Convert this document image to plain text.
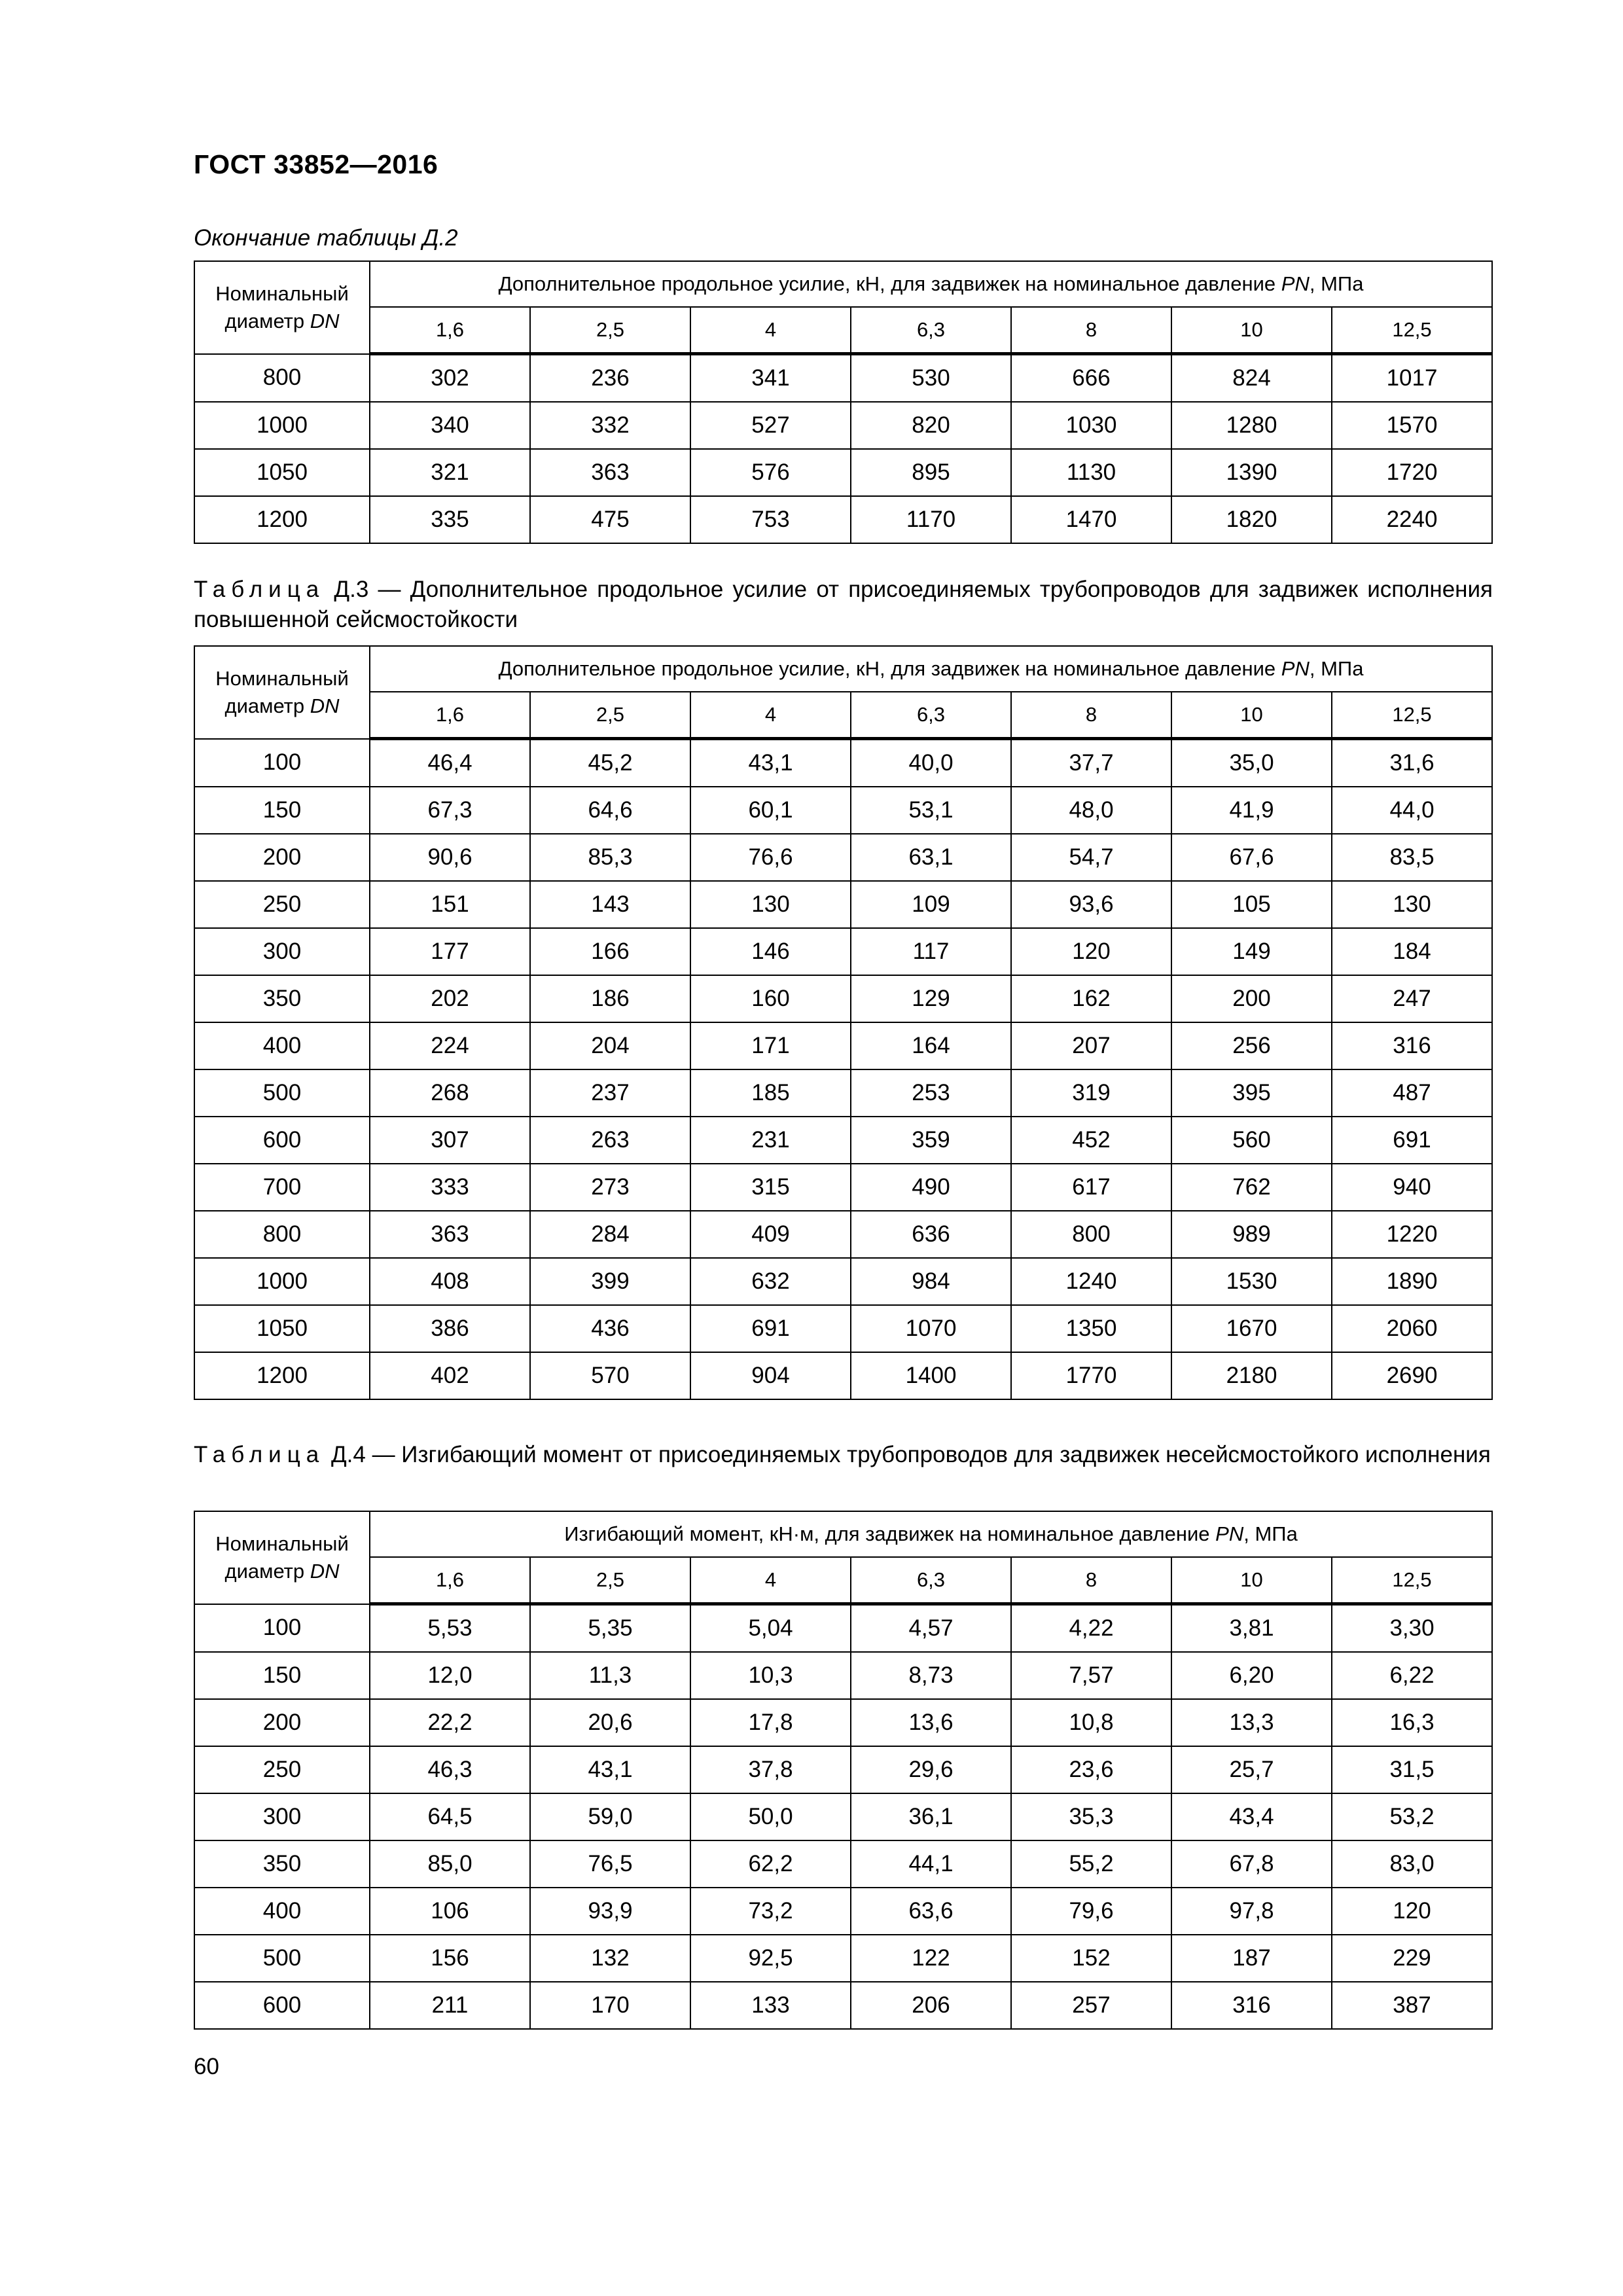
ГОСТ 33852—2016
Окончание таблицы Д.2
Номинальный
диаметр DN	Дополнительное продольное усилие, кН, для задвижек на номинальное давление PN, МПа						
	1,6	2,5	4	6,3	8	10	12,5
800	302	236	341	530	666	824	1017
1000	340	332	527	820	1030	1280	1570
1050	321	363	576	895	1130	1390	1720
1200	335	475	753	1170	1470	1820	2240
Таблица Д.3 — Дополнительное продольное усилие от присоединяемых трубопроводов для задвижек исполнения повышенной сейсмостойкости
Номинальный
диаметр DN	Дополнительное продольное усилие, кН, для задвижек на номинальное давление PN, МПа						
	1,6	2,5	4	6,3	8	10	12,5
100	46,4	45,2	43,1	40,0	37,7	35,0	31,6
150	67,3	64,6	60,1	53,1	48,0	41,9	44,0
200	90,6	85,3	76,6	63,1	54,7	67,6	83,5
250	151	143	130	109	93,6	105	130
300	177	166	146	117	120	149	184
350	202	186	160	129	162	200	247
400	224	204	171	164	207	256	316
500	268	237	185	253	319	395	487
600	307	263	231	359	452	560	691
700	333	273	315	490	617	762	940
800	363	284	409	636	800	989	1220
1000	408	399	632	984	1240	1530	1890
1050	386	436	691	1070	1350	1670	2060
1200	402	570	904	1400	1770	2180	2690
Таблица Д.4 — Изгибающий момент от присоединяемых трубопроводов для задвижек несейсмостойкого исполнения
Номинальный
диаметр DN	Изгибающий момент, кН·м, для задвижек на номинальное давление PN, МПа						
	1,6	2,5	4	6,3	8	10	12,5
100	5,53	5,35	5,04	4,57	4,22	3,81	3,30
150	12,0	11,3	10,3	8,73	7,57	6,20	6,22
200	22,2	20,6	17,8	13,6	10,8	13,3	16,3
250	46,3	43,1	37,8	29,6	23,6	25,7	31,5
300	64,5	59,0	50,0	36,1	35,3	43,4	53,2
350	85,0	76,5	62,2	44,1	55,2	67,8	83,0
400	106	93,9	73,2	63,6	79,6	97,8	120
500	156	132	92,5	122	152	187	229
600	211	170	133	206	257	316	387
60
